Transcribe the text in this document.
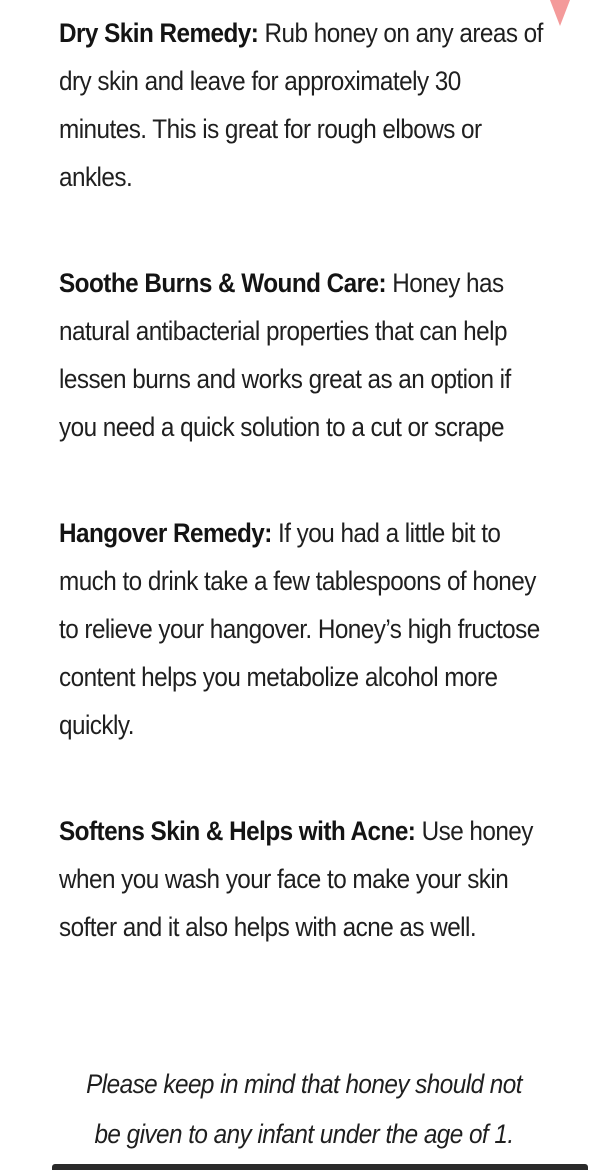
Dry Skin Remedy: Rub honey on any areas of dry skin and leave for approximately 30 minutes. This is great for rough elbows or ankles.

Soothe Burns & Wound Care: Honey has natural antibacterial properties that can help lessen burns and works great as an option if you need a quick solution to a cut or scrape

Hangover Remedy: If you had a little bit to much to drink take a few tablespoons of honey to relieve your hangover. Honey’s high fructose content helps you metabolize alcohol more quickly.

Softens Skin & Helps with Acne: Use honey when you wash your face to make your skin softer and it also helps with acne as well.

Please keep in mind that honey should not be given to any infant under the age of 1.
